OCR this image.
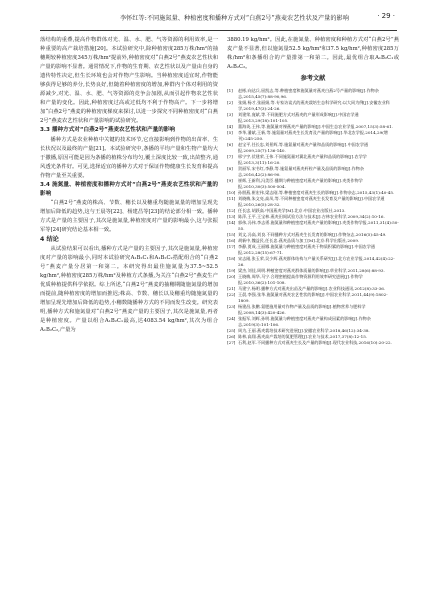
李怀红等:不同施氮量、种植密度和播种方式对“白燕2号”燕麦农艺性状及产量的影响	· 29 ·

落结构的重叠,提高作物群体对光、温、水、肥、气等资源的利用效率,是一种重要的高产栽培措施[20]。本试验研究中,除种植密度285万株/hm²的抽穗期较种植密度345万株/hm²提前外,种植密度对“白燕2号”燕麦农艺性状和产量的影响不显著。通常情况下,作物的生育期、农艺性状以及产量由自身的遗传特性决定,但生长环境也会对作物产生影响。当种植密度适宜时,作物能够获得足够的养分,长势良好,但随着种植密度的增加,种群内个体对利用的资源减少,对光、温、水、肥、气等资源的竞争会加剧,从而引起作物农艺性状和产量的变化。因此,种植密度过高或过低均不利于作物高产。下一步将增加“白燕2号”燕麦的种植密度梯度来探讨,以进一步探究不同种植密度对“白燕2号”燕麦农艺性状和产量影响的试验研究。

3.3 播种方式对“白燕2号”燕麦农艺性状和产量的影响

播种方式是农业种植中关键的技术环节,它直接影响到作物的出苗率、生长状况以及最终的产量[21]。本试验研究中,条播的平均产量和生物产量均大于撒播,原因可能是因为条播的植株分布均匀,覆土深度比较一致,出苗整齐,通风透光条件好。可见,选择适宜的播种方式对于保证作物健康生长发育和提高作物产量至关重要。

3.4 施氮量、种植密度和播种方式对“白燕2号”燕麦农艺性状和产量的影响

“白燕2号”燕麦的株高、节数、穗长以及穗重均随施氮量的增加呈现先增加后降低的趋势,这与王晨等[22]、杨建昌等[23]的结论部分相一致。播种方式是产量的主要因子,其次是施氮量,种植密度对产量的影响最小,这与张振军等[24]研究结论基本相一致。

4 结论

从试验结果可以看出,播种方式是产量的主要因子,其次是施氮量,种植密度对产量的影响最小,同时本试验研究A₁B₂C₁和A₁B₂C₂搭配组合的“白燕2号”燕麦产量分居第一和第二。本研究得出最佳施氮量为37.5~52.5 kg/hm²,种植密度285万株/hm²及种植方式条播,为关注“白燕2号”燕麦生产优质种植提供科学依据。综上所述,“白燕2号”燕麦的抽穗期随施氮量的增加而提前,随种植密度的增加而推迟;株高、节数、穗长以及穗重均随施氮量的增加呈现先增加后降低的趋势,小穗数随播种方式的不同而发生改变。研究表明,播种方式和施氮量对“白燕2号”燕麦产量的主要因子,其次是施氮量,再者是种植密度。产量以组合A₁B₂C₁最高,达4083.54 kg/hm²,其次为组合A₁B₂C₂,产量为

3880.19 kg/hm²。因此,在施氮量、种植密度和种植方式对“白燕2号”燕麦产量不显著,但以施氮量52.5 kg/hm²和37.5 kg/hm²,种植密度285万株/hm²和条播组合的产量排第一和第二。因此,最优组合取A₁B₂C₁或A₁B₂C₂。

参考文献
[1]	赵彬,向达兵,屈凯志,等.种植密度和施氮量对燕麦白燕2号产量的影响[J].作物杂志,2015,45(7):88-90,96.
[2]	张娟,杨才,张丽娟,等.专家访谈式的燕麦栽培生态科学研究:以大同为例[J].安徽农业科学,2019,47(3):24-26.
[3]	刘建荣,庞斌,等.不同施肥方式对燕麦的产量形成影响[J].中国农学通报,2013,29(18):101-105.
[4]	董海英,王伟,等.施氮量对裸燕麦产量的影响[J].中国生态农业学报,2007,15(3):58-61.
[5]	李华,潘斌,王新,等.施氮量对燕麦生长发育及产量的影响[J].华北农学报,2014,29(增刊):245-250.
[6]	赵宝平,任长忠,刘景辉,等.施氮量对燕麦产量和品质的影响[J].中国农学通报,2009,25(7):136-140.
[7]	邢宁宇,伏建荣,王伟.不同施氮量对冀北燕麦产量和品质的影响[J].农学学报,2013,3(11):16-20.
[8]	贺丽军,宋书红,李静,等.施氮量对燕麦籽粒产量及品质的影响[J].作物杂志,2016,42(2):86-90.
[9]	崔辉,王新利,冯美臣.播期与种植密度对燕麦产量的影响[J].麦类作物学报,2010,30(3):500-504.
[10] 孙朋燕,崔宏伟,梁志刚,等.种植密度对燕麦生长的影响[J].作物杂志,2015,43(1):40-45.
[11] 刘晓梅,朱文亮,高凤,等.不同种植密度对燕麦生长发育及产量的影响[J].中国农学通报,2010,26(5):28-32.
[12] 任长忠,胡跃高.中国燕麦学[M].北京:中国农业出版社,2013.
[13] 陈萍,王平,王宝林.燕麦田间试验方法与技术[J].吉林农业科学,2009,34(2):10-16.
[14] 郭伟,冯伟,李志勇.施氮量和种植密度对燕麦产量的影响[J].麦类作物学报,2011,31(4):50-55.
[15] 刘文,冯高,刘良.不同播种方式对燕麦生长发育的影响[J].作物杂志,2016(5):45-49.
[16] 胡新中,魏益民,任长忠.燕麦品质与加工[M].北京:科学出版社,2009.
[17] 李静,贾成,王丽娜.施氮量与种植密度对燕麦干物质积累的影响[J].中国农学通报,2012,28(15):67-71.
[18] 宋志刚,张玉荣,吴少辉.燕麦群体结构与产量关系研究[J].北方农业学报,2014,42(4):22-26.
[19] 梁杰,刘佳,周明.种植密度对燕麦群体质量的影响[J].草业科学,2011,28(6):88-93.
[20] 王晓梅,周华,马宁.合理密植提高作物资源利用效率研究进展[J].作物学报,2010,36(2):101-108.
[21] 马建宁,杨明.播种方式对燕麦出苗及产量的影响[J].农业科技通讯,2012(8):33-36.
[22] 王晨,李强,张华.施氮量对燕麦农艺性状的影响[J].中国农业科学,2011,44(9):1802-1809.
[23] 杨建昌,张鹏.氮肥施用量对作物产量及品质的影响[J].植物营养与肥料学报,2008,14(3):420-426.
[24] 张振军,刘辉,孙明.施氮量与种植密度对燕麦产量构成因素的影响[J].作物杂志,2019(3):101-106.
[25] 周为,王丽.燕麦栽培技术研究进展[J].安徽农业科学,2018,46(12):34-38.
[26] 陈林,高翔.燕麦高产栽培的氮肥管理[J].农业与技术,2017,37(8):12-15.
[27] 石利,赵军.不同播种方式对燕麦生长及产量的影响[J].现代农业科技,2016(10):20-22.
